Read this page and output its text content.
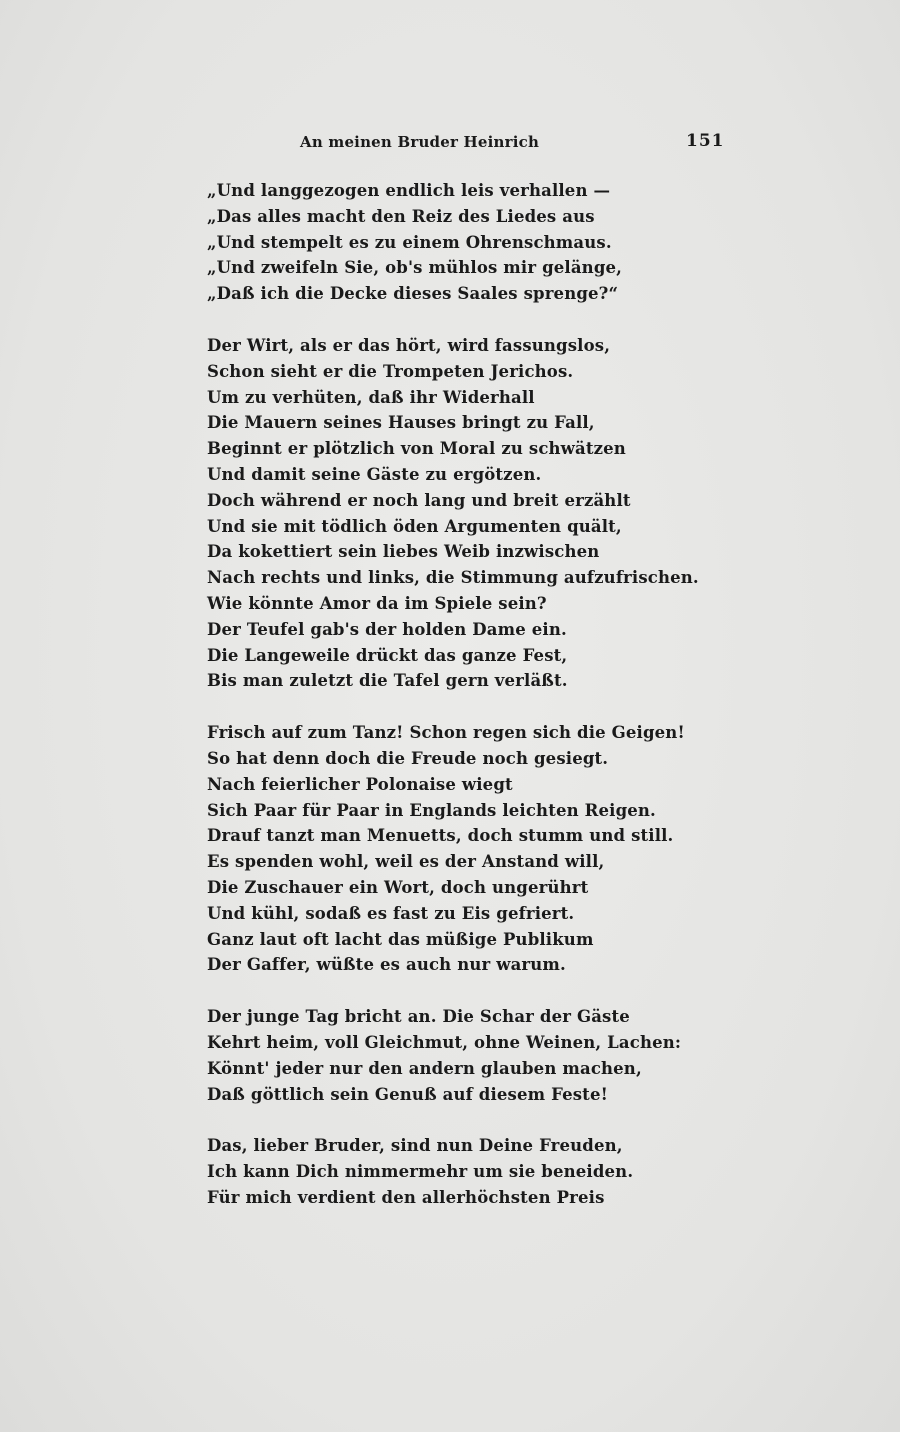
An meinen Bruder Heinrich	151
„Und langgezogen endlich leis verhallen —
„Das alles macht den Reiz des Liedes aus
„Und stempelt es zu einem Ohrenschmaus.
„Und zweifeln Sie, ob's mühlos mir gelänge,
„Daß ich die Decke dieses Saales sprenge?“
Der Wirt, als er das hört, wird fassungslos,
Schon sieht er die Trompeten Jerichos.
Um zu verhüten, daß ihr Widerhall
Die Mauern seines Hauses bringt zu Fall,
Beginnt er plötzlich von Moral zu schwätzen
Und damit seine Gäste zu ergötzen.
Doch während er noch lang und breit erzählt
Und sie mit tödlich öden Argumenten quält,
Da kokettiert sein liebes Weib inzwischen
Nach rechts und links, die Stimmung aufzufrischen.
Wie könnte Amor da im Spiele sein?
Der Teufel gab's der holden Dame ein.
Die Langeweile drückt das ganze Fest,
Bis man zuletzt die Tafel gern verläßt.
Frisch auf zum Tanz! Schon regen sich die Geigen!
So hat denn doch die Freude noch gesiegt.
Nach feierlicher Polonaise wiegt
Sich Paar für Paar in Englands leichten Reigen.
Drauf tanzt man Menuetts, doch stumm und still.
Es spenden wohl, weil es der Anstand will,
Die Zuschauer ein Wort, doch ungerührt
Und kühl, sodaß es fast zu Eis gefriert.
Ganz laut oft lacht das müßige Publikum
Der Gaffer, wüßte es auch nur warum.
Der junge Tag bricht an. Die Schar der Gäste
Kehrt heim, voll Gleichmut, ohne Weinen, Lachen:
Könnt' jeder nur den andern glauben machen,
Daß göttlich sein Genuß auf diesem Feste!
Das, lieber Bruder, sind nun Deine Freuden,
Ich kann Dich nimmermehr um sie beneiden.
Für mich verdient den allerhöchsten Preis
